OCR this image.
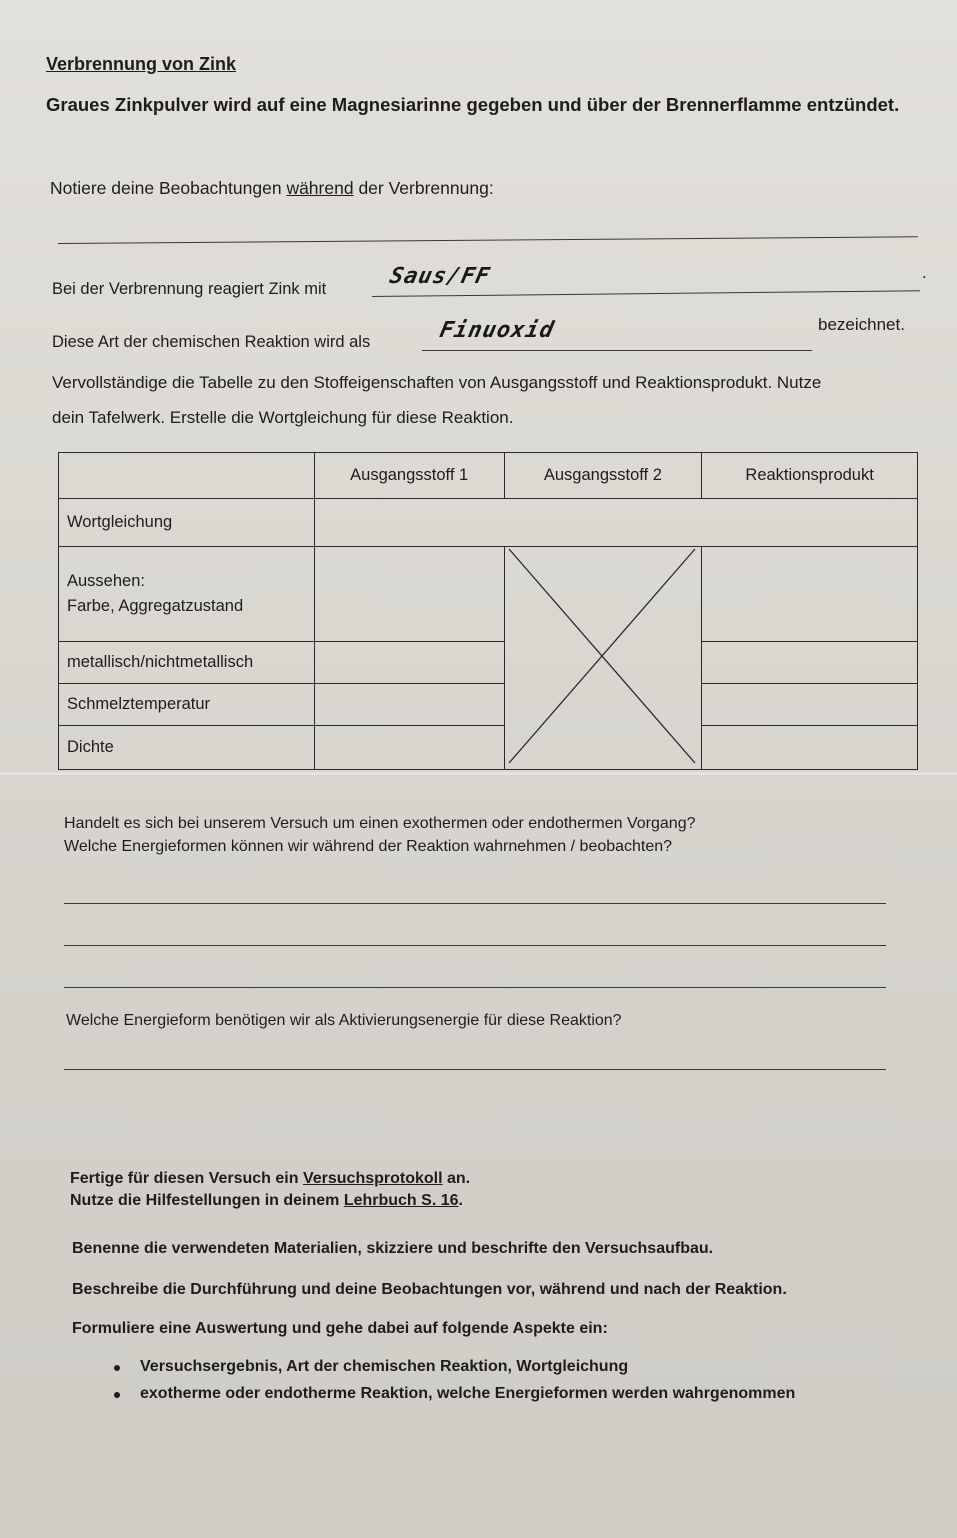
Verbrennung von Zink
Graues Zinkpulver wird auf eine Magnesiarinne gegeben und über der Brennerflamme entzündet.
Notiere deine Beobachtungen während der Verbrennung:
Bei der Verbrennung reagiert Zink mit	Saus/FF	.
Diese Art der chemischen Reaktion wird als	Finuoxid	bezeichnet.
Vervollständige die Tabelle zu den Stoffeigenschaften von Ausgangsstoff und Reaktionsprodukt. Nutze
dein Tafelwerk. Erstelle die Wortgleichung für diese Reaktion.
	Ausgangsstoff 1	Ausgangsstoff 2	Reaktionsprodukt
Wortgleichung			

Aussehen:
Farbe, Aggregatzustand			

metallisch/nichtmetallisch			
Schmelztemperatur			
Dichte			
Handelt es sich bei unserem Versuch um einen exothermen oder endothermen Vorgang?
Welche Energieformen können wir während der Reaktion wahrnehmen / beobachten?
Welche Energieform benötigen wir als Aktivierungsenergie für diese Reaktion?
Fertige für diesen Versuch ein Versuchsprotokoll an.
Nutze die Hilfestellungen in deinem Lehrbuch S. 16.
Benenne die verwendeten Materialien, skizziere und beschrifte den Versuchsaufbau.
Beschreibe die Durchführung und deine Beobachtungen vor, während und nach der Reaktion.
Formuliere eine Auswertung und gehe dabei auf folgende Aspekte ein:
Versuchsergebnis, Art der chemischen Reaktion, Wortgleichung
exotherme oder endotherme Reaktion, welche Energieformen werden wahrgenommen
